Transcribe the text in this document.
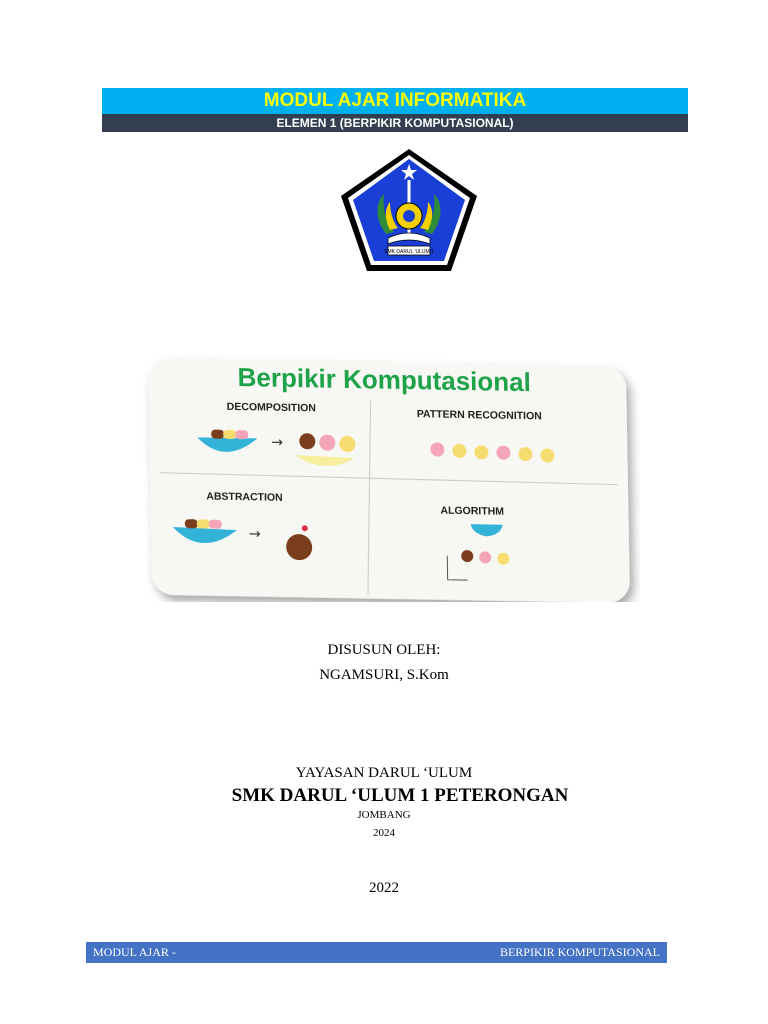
MODUL AJAR INFORMATIKA
ELEMEN 1 (BERPIKIR KOMPUTASIONAL)
SMK DARUL 'ULUM 1
Berpikir Komputasional
DECOMPOSITION
PATTERN RECOGNITION
ABSTRACTION
ALGORITHM
→
→
DISUSUN OLEH:
NGAMSURI, S.Kom
YAYASAN DARUL ‘ULUM
SMK DARUL ‘ULUM 1 PETERONGAN
JOMBANG
2024
2022
MODUL AJAR -	BERPIKIR KOMPUTASIONAL
